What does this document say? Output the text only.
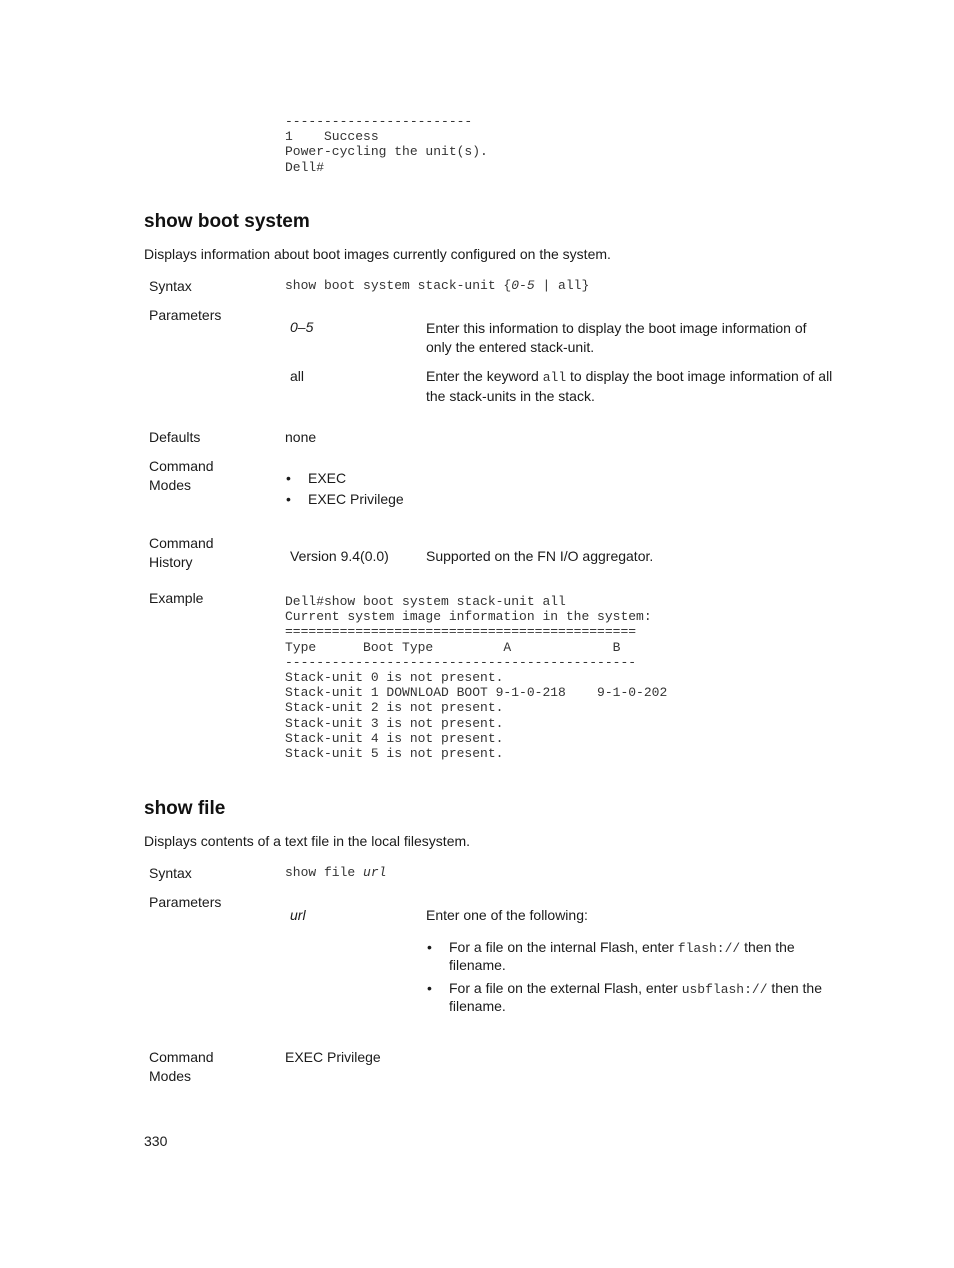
------------------------
1    Success
Power-cycling the unit(s).
Dell#
show boot system
Displays information about boot images currently configured on the system.
Syntax	show boot system stack-unit {0-5 | all}
Parameters
0–5	Enter this information to display the boot image information of only the entered stack-unit.
all	Enter the keyword all to display the boot image information of all the stack-units in the stack.
Defaults	none
Command
Modes
•	EXEC
• EXEC Privilege
Command
History	Version 9.4(0.0)	Supported on the FN I/O aggregator.
Example	Dell#show boot system stack-unit all
Current system image information in the system:
=============================================
Type      Boot Type         A             B
---------------------------------------------
Stack-unit 0 is not present.
Stack-unit 1 DOWNLOAD BOOT 9-1-0-218    9-1-0-202
Stack-unit 2 is not present.
Stack-unit 3 is not present.
Stack-unit 4 is not present.
Stack-unit 5 is not present.
show file
Displays contents of a text file in the local filesystem.
Syntax	show file url
Parameters
url	Enter one of the following:
• For a file on the internal Flash, enter flash:// then the filename.
• For a file on the external Flash, enter usbflash:// then the filename.
Command
Modes
EXEC Privilege
330
